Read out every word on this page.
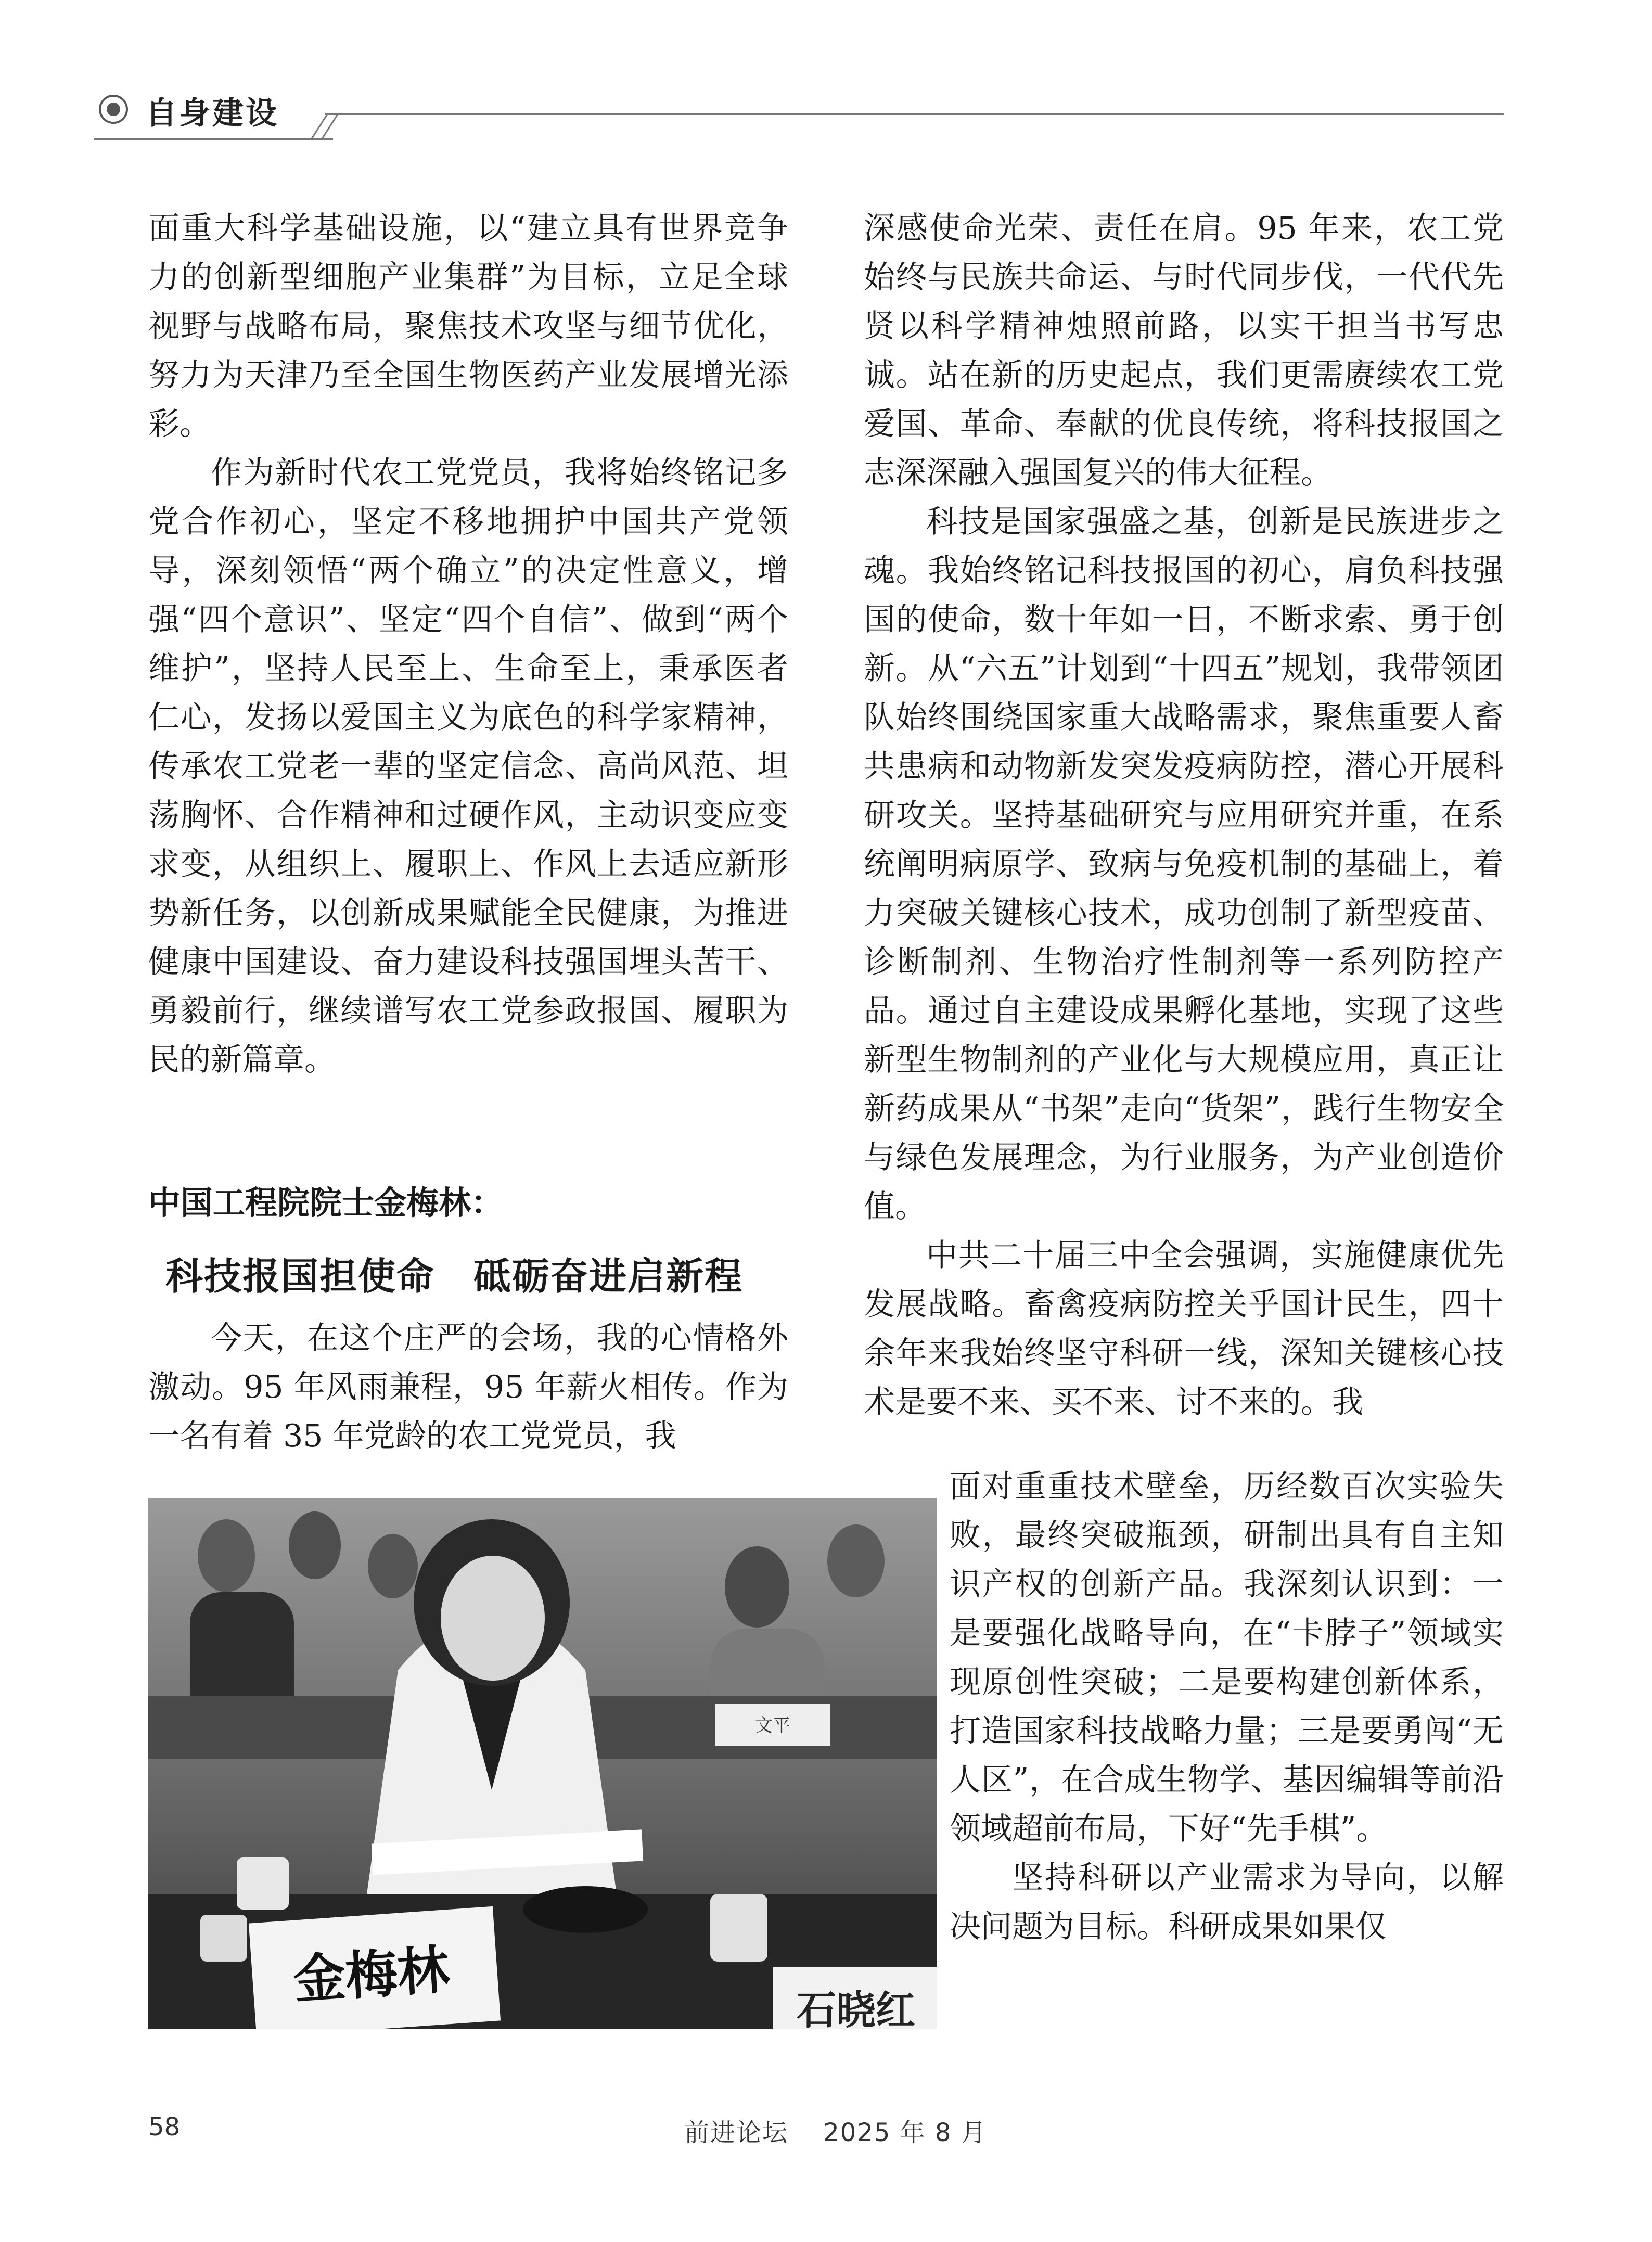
自身建设

面重大科学基础设施，以“建立具有世界竞争力的创新型细胞产业集群”为目标，立足全球视野与战略布局，聚焦技术攻坚与细节优化，努力为天津乃至全国生物医药产业发展增光添彩。

作为新时代农工党党员，我将始终铭记多党合作初心，坚定不移地拥护中国共产党领导，深刻领悟“两个确立”的决定性意义，增强“四个意识”、坚定“四个自信”、做到“两个维护”，坚持人民至上、生命至上，秉承医者仁心，发扬以爱国主义为底色的科学家精神，传承农工党老一辈的坚定信念、高尚风范、坦荡胸怀、合作精神和过硬作风，主动识变应变求变，从组织上、履职上、作风上去适应新形势新任务，以创新成果赋能全民健康，为推进健康中国建设、奋力建设科技强国埋头苦干、勇毅前行，继续谱写农工党参政报国、履职为民的新篇章。

中国工程院院士金梅林：
科技报国担使命　砥砺奋进启新程

今天，在这个庄严的会场，我的心情格外激动。95 年风雨兼程，95 年薪火相传。作为一名有着 35 年党龄的农工党党员，我

深感使命光荣、责任在肩。95 年来，农工党始终与民族共命运、与时代同步伐，一代代先贤以科学精神烛照前路，以实干担当书写忠诚。站在新的历史起点，我们更需赓续农工党爱国、革命、奉献的优良传统，将科技报国之志深深融入强国复兴的伟大征程。

科技是国家强盛之基，创新是民族进步之魂。我始终铭记科技报国的初心，肩负科技强国的使命，数十年如一日，不断求索、勇于创新。从“六五”计划到“十四五”规划，我带领团队始终围绕国家重大战略需求，聚焦重要人畜共患病和动物新发突发疫病防控，潜心开展科研攻关。坚持基础研究与应用研究并重，在系统阐明病原学、致病与免疫机制的基础上，着力突破关键核心技术，成功创制了新型疫苗、诊断制剂、生物治疗性制剂等一系列防控产品。通过自主建设成果孵化基地，实现了这些新型生物制剂的产业化与大规模应用，真正让新药成果从“书架”走向“货架”，践行生物安全与绿色发展理念，为行业服务，为产业创造价值。

中共二十届三中全会强调，实施健康优先发展战略。畜禽疫病防控关乎国计民生，四十余年来我始终坚守科研一线，深知关键核心技术是要不来、买不来、讨不来的。我

面对重重技术壁垒，历经数百次实验失败，最终突破瓶颈，研制出具有自主知识产权的创新产品。我深刻认识到：一是要强化战略导向，在“卡脖子”领域实现原创性突破；二是要构建创新体系，打造国家科技战略力量；三是要勇闯“无人区”，在合成生物学、基因编辑等前沿领域超前布局，下好“先手棋”。

坚持科研以产业需求为导向，以解决问题为目标。科研成果如果仅

文平
金梅林	石晓红
58	前进论坛　 2025 年 8 月
